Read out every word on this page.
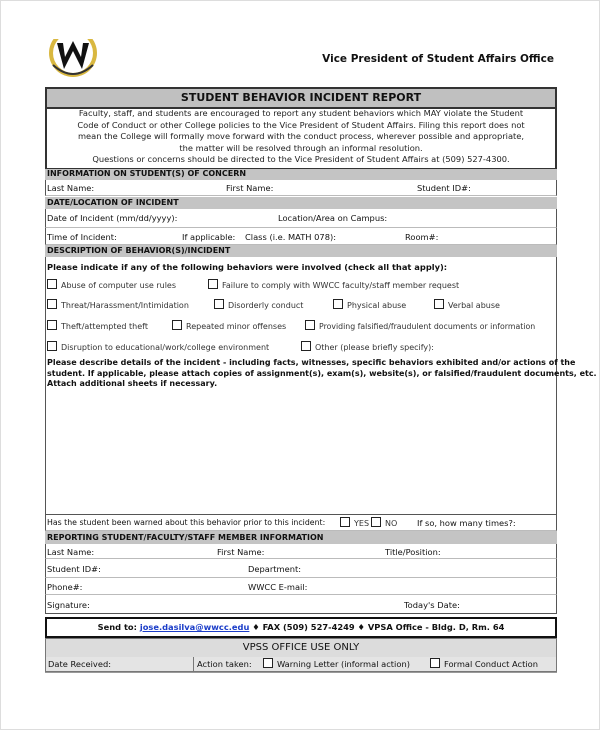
Vice President of Student Affairs Office
STUDENT BEHAVIOR INCIDENT REPORT
Faculty, staff, and students are encouraged to report any student behaviors which MAY violate the Student
Code of Conduct or other College policies to the Vice President of Student Affairs. Filing this report does not
mean the College will formally move forward with the conduct process, wherever possible and appropriate,
the matter will be resolved through an informal resolution.
Questions or concerns should be directed to the Vice President of Student Affairs at (509) 527-4300.
INFORMATION ON STUDENT(S) OF CONCERN
Last Name:	First Name:	Student ID#:
DATE/LOCATION OF INCIDENT
Date of Incident (mm/dd/yyyy):	Location/Area on Campus:
Time of Incident:	If applicable: Class (i.e. MATH 078):	Room#:
DESCRIPTION OF BEHAVIOR(S)/INCIDENT
Please indicate if any of the following behaviors were involved (check all that apply):
Abuse of computer use rules	Failure to comply with WWCC faculty/staff member request
Threat/Harassment/Intimidation	Disorderly conduct	Physical abuse	Verbal abuse
Theft/attempted theft	Repeated minor offenses	Providing falsified/fraudulent documents or information
Disruption to educational/work/college environment	Other (please briefly specify):
Please describe details of the incident - including facts, witnesses, specific behaviors exhibited and/or actions of the
student. If applicable, please attach copies of assignment(s), exam(s), website(s), or falsified/fraudulent documents, etc.
Attach additional sheets if necessary.
Has the student been warned about this behavior prior to this incident:	YES	NO If so, how many times?:
REPORTING STUDENT/FACULTY/STAFF MEMBER INFORMATION
Last Name:	First Name:	Title/Position:
Student ID#:	Department:
Phone#:	WWCC E-mail:
Signature:	Today's Date:
Send to: jose.dasilva@wwcc.edu ♦ FAX (509) 527-4249 ♦ VPSA Office - Bldg. D, Rm. 64
VPSS OFFICE USE ONLY
Date Received:	Action taken:	Warning Letter (informal action)	Formal Conduct Action
